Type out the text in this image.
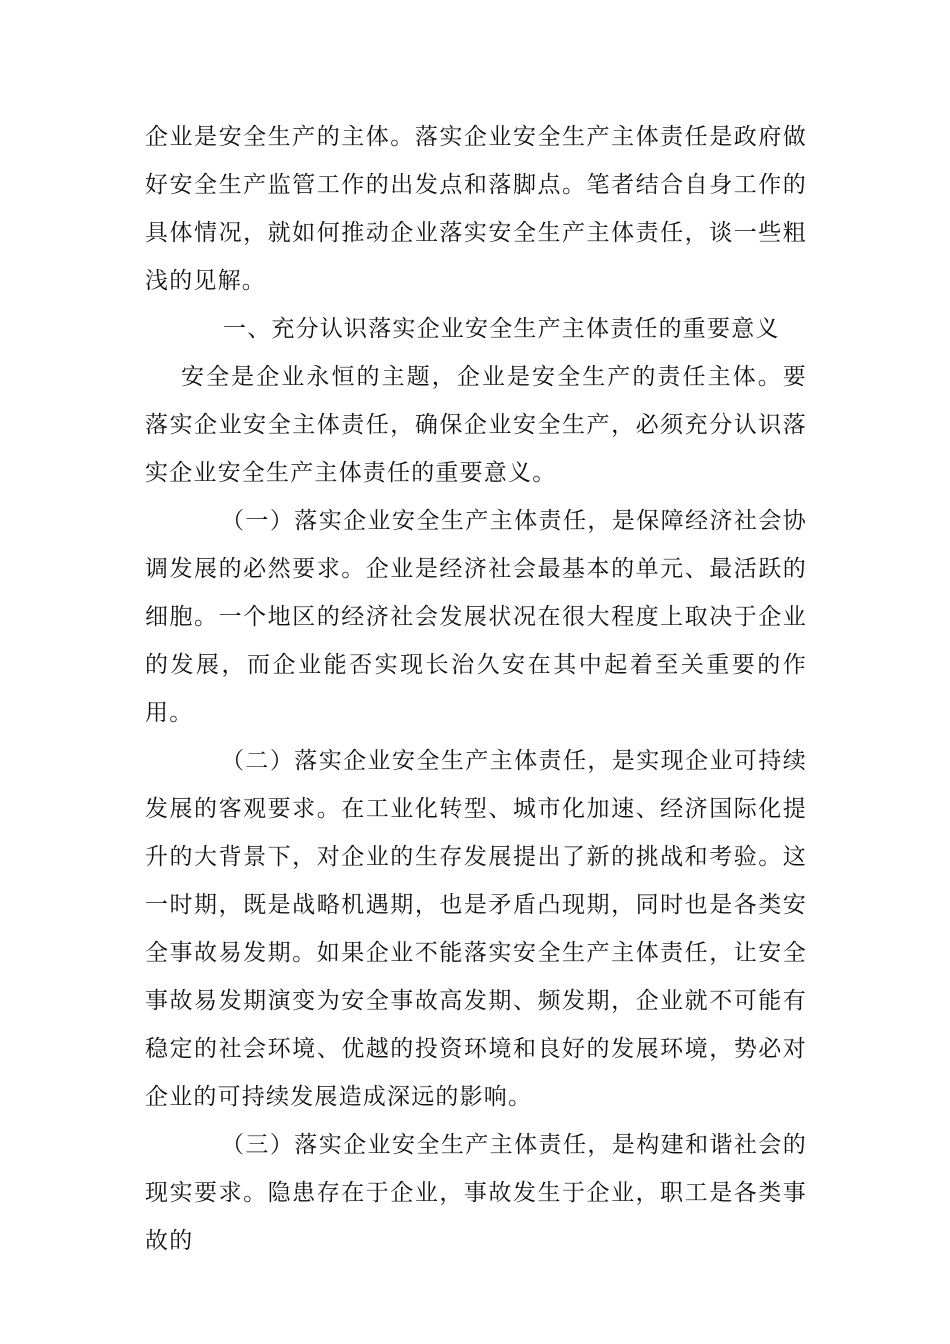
企业是安全生产的主体。落实企业安全生产主体责任是政府做好安全生产监管工作的出发点和落脚点。笔者结合自身工作的具体情况，就如何推动企业落实安全生产主体责任，谈一些粗浅的见解。

一、充分认识落实企业安全生产主体责任的重要意义

安全是企业永恒的主题，企业是安全生产的责任主体。要落实企业安全主体责任，确保企业安全生产，必须充分认识落实企业安全生产主体责任的重要意义。

（一）落实企业安全生产主体责任，是保障经济社会协调发展的必然要求。企业是经济社会最基本的单元、最活跃的细胞。一个地区的经济社会发展状况在很大程度上取决于企业的发展，而企业能否实现长治久安在其中起着至关重要的作用。

（二）落实企业安全生产主体责任，是实现企业可持续发展的客观要求。在工业化转型、城市化加速、经济国际化提升的大背景下，对企业的生存发展提出了新的挑战和考验。这一时期，既是战略机遇期，也是矛盾凸现期，同时也是各类安全事故易发期。如果企业不能落实安全生产主体责任，让安全事故易发期演变为安全事故高发期、频发期，企业就不可能有稳定的社会环境、优越的投资环境和良好的发展环境，势必对企业的可持续发展造成深远的影响。

（三）落实企业安全生产主体责任，是构建和谐社会的现实要求。隐患存在于企业，事故发生于企业，职工是各类事故的
